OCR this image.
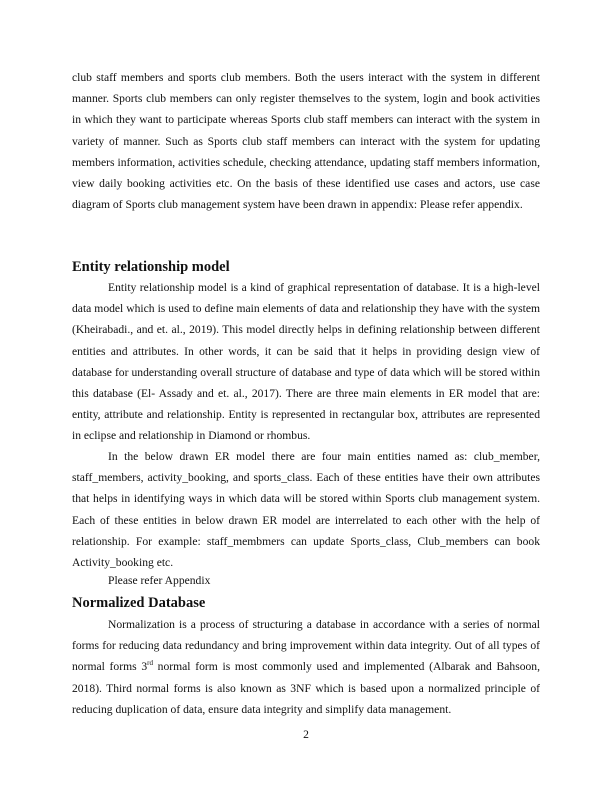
club staff members and sports club members. Both the users interact with the system in different manner. Sports club members can only register themselves to the system, login and book activities in which they want to participate whereas Sports club staff members can interact with the system in variety of manner. Such as Sports club staff members can interact with the system for updating members information, activities schedule, checking attendance, updating staff members information, view daily booking activities etc. On the basis of these identified use cases and actors, use case diagram of Sports club management system have been drawn in appendix: Please refer appendix.

Entity relationship model

Entity relationship model is a kind of graphical representation of database. It is a high-level data model which is used to define main elements of data and relationship they have with the system (Kheirabadi., and et. al., 2019). This model directly helps in defining relationship between different entities and attributes. In other words, it can be said that it helps in providing design view of database for understanding overall structure of database and type of data which will be stored within this database (El- Assady and et. al., 2017). There are three main elements in ER model that are: entity, attribute and relationship. Entity is represented in rectangular box, attributes are represented in eclipse and relationship in Diamond or rhombus.

In the below drawn ER model there are four main entities named as: club_member, staff_members, activity_booking, and sports_class. Each of these entities have their own attributes that helps in identifying ways in which data will be stored within Sports club management system. Each of these entities in below drawn ER model are interrelated to each other with the help of relationship. For example: staff_membmers can update Sports_class, Club_members can book Activity_booking etc.

Please refer Appendix

Normalized Database

Normalization is a process of structuring a database in accordance with a series of normal forms for reducing data redundancy and bring improvement within data integrity. Out of all types of normal forms 3rd normal form is most commonly used and implemented (Albarak and Bahsoon, 2018). Third normal forms is also known as 3NF which is based upon a normalized principle of reducing duplication of data, ensure data integrity and simplify data management.

2
